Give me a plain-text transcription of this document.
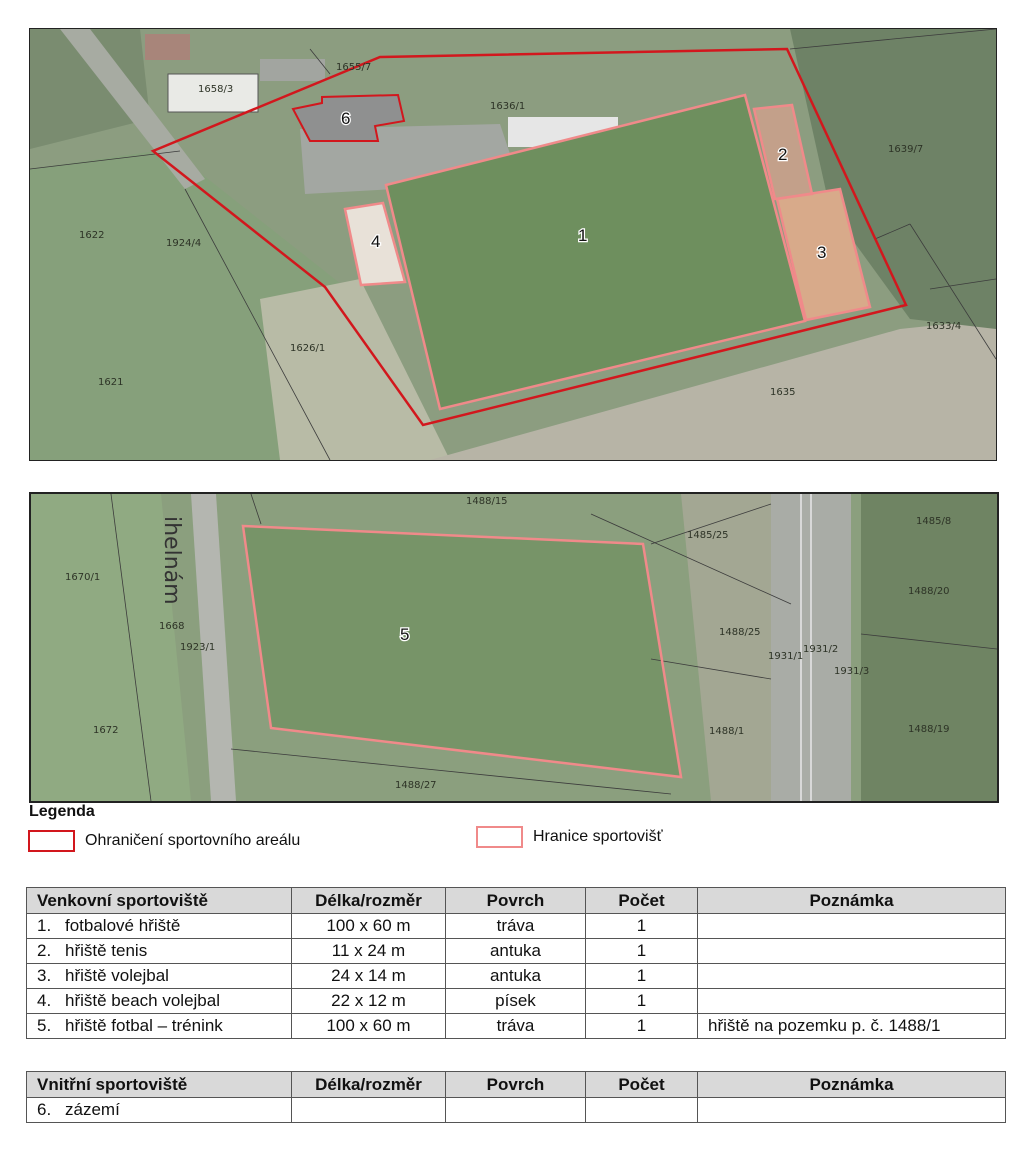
1658/3
1655/7
1636/1
1639/7
1622
1924/4
1626/1
1621
1635
1633/4
1
2
3
4
6
ihelnám
1488/15
1485/25
1485/8
1670/1
1668
1923/1
1488/25
1931/1
1931/2
1931/3
1488/20
1672	1488/1	1488/19
1488/27
5
Legenda
Ohraničení sportovního areálu	Hranice sportovišť
Venkovní sportoviště	Délka/rozměr	Povrch	Počet	Poznámka
1. fotbalové hřiště	100 x 60 m	tráva	1	
2. hřiště tenis	11 x 24 m	antuka	1	
3. hřiště volejbal	24 x 14 m	antuka	1	
4. hřiště beach volejbal	22 x 12 m	písek	1	
5. hřiště fotbal – trénink	100 x 60 m	tráva	1	hřiště na pozemku p. č. 1488/1
Vnitřní sportoviště	Délka/rozměr	Povrch	Počet	Poznámka
6. zázemí				
